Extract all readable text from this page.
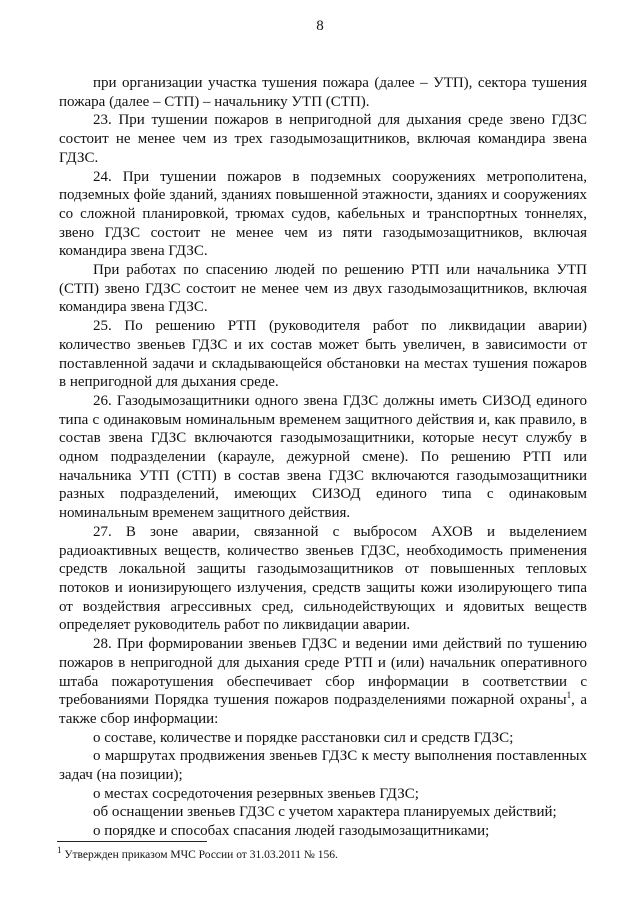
8

при организации участка тушения пожара (далее – УТП), сектора тушения пожара (далее – СТП) – начальнику УТП (СТП).

23. При тушении пожаров в непригодной для дыхания среде звено ГДЗС состоит не менее чем из трех газодымозащитников, включая командира звена ГДЗС.

24. При тушении пожаров в подземных сооружениях метрополитена, подземных фойе зданий, зданиях повышенной этажности, зданиях и сооружениях со сложной планировкой, трюмах судов, кабельных и транспортных тоннелях, звено ГДЗС состоит не менее чем из пяти газодымозащитников, включая командира звена ГДЗС.

При работах по спасению людей по решению РТП или начальника УТП (СТП) звено ГДЗС состоит не менее чем из двух газодымозащитников, включая командира звена ГДЗС.

25. По решению РТП (руководителя работ по ликвидации аварии) количество звеньев ГДЗС и их состав может быть увеличен, в зависимости от поставленной задачи и складывающейся обстановки на местах тушения пожаров в непригодной для дыхания среде.

26. Газодымозащитники одного звена ГДЗС должны иметь СИЗОД единого типа с одинаковым номинальным временем защитного действия и, как правило, в состав звена ГДЗС включаются газодымозащитники, которые несут службу в одном подразделении (карауле, дежурной смене). По решению РТП или начальника УТП (СТП) в состав звена ГДЗС включаются газодымозащитники разных подразделений, имеющих СИЗОД единого типа с одинаковым номинальным временем защитного действия.

27. В зоне аварии, связанной с выбросом АХОВ и выделением радиоактивных веществ, количество звеньев ГДЗС, необходимость применения средств локальной защиты газодымозащитников от повышенных тепловых потоков и ионизирующего излучения, средств защиты кожи изолирующего типа от воздействия агрессивных сред, сильнодействующих и ядовитых веществ определяет руководитель работ по ликвидации аварии.

28. При формировании звеньев ГДЗС и ведении ими действий по тушению пожаров в непригодной для дыхания среде РТП и (или) начальник оперативного штаба пожаротушения обеспечивает сбор информации в соответствии с требованиями Порядка тушения пожаров подразделениями пожарной охраны$^1$, а также сбор информации:

о составе, количестве и порядке расстановки сил и средств ГДЗС;

о маршрутах продвижения звеньев ГДЗС к месту выполнения поставленных задач (на позиции);

о местах сосредоточения резервных звеньев ГДЗС;

об оснащении звеньев ГДЗС с учетом характера планируемых действий;

о порядке и способах спасания людей газодымозащитниками;

$^1$ Утвержден приказом МЧС России от 31.03.2011 № 156.
